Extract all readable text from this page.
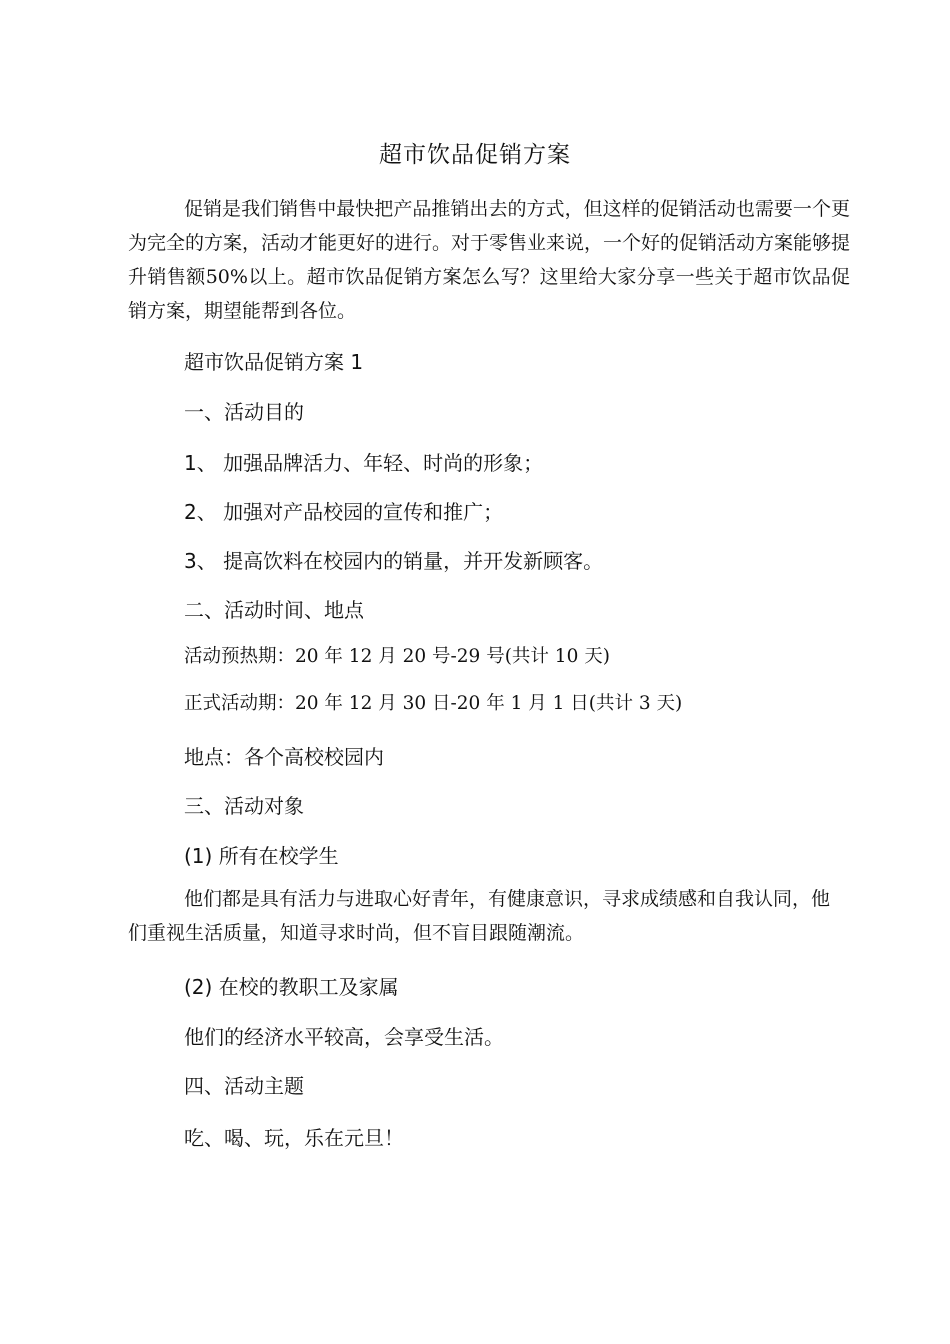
超市饮品促销方案

促销是我们销售中最快把产品推销出去的方式，但这样的促销活动也需要一个更为完全的方案，活动才能更好的进行。对于零售业来说，一个好的促销活动方案能够提升销售额50%以上。超市饮品促销方案怎么写？这里给大家分享一些关于超市饮品促销方案，期望能帮到各位。

超市饮品促销方案 1

一、活动目的

1、 加强品牌活力、年轻、时尚的形象；

2、 加强对产品校园的宣传和推广；

3、 提高饮料在校园内的销量，并开发新顾客。

二、活动时间、地点

活动预热期：20 年 12 月 20 号-29 号(共计 10 天)

正式活动期：20 年 12 月 30 日-20 年 1 月 1 日(共计 3 天)

地点：各个高校校园内

三、活动对象

(1) 所有在校学生

他们都是具有活力与进取心好青年，有健康意识，寻求成绩感和自我认同，他们重视生活质量，知道寻求时尚，但不盲目跟随潮流。

(2) 在校的教职工及家属

他们的经济水平较高，会享受生活。

四、活动主题

吃、喝、玩，乐在元旦！
